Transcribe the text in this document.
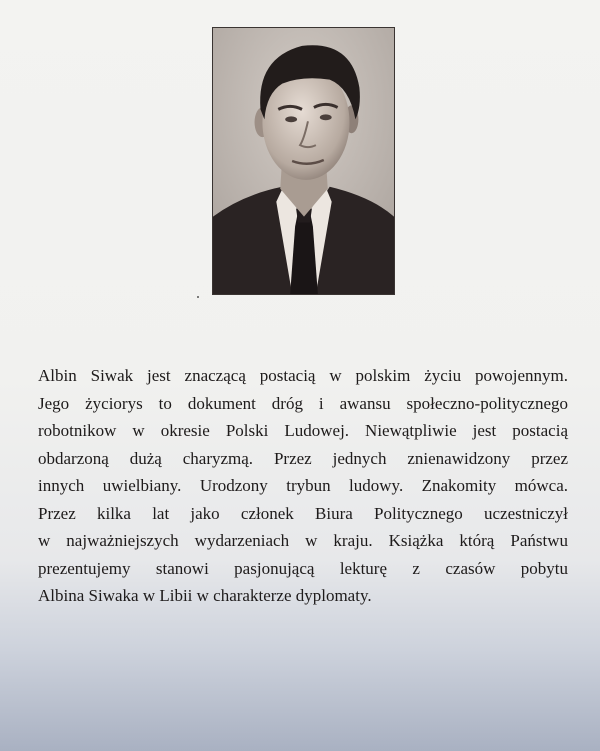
Albin Siwak jest znaczącą postacią w polskim życiu powojennym.
Jego życiorys to dokument dróg i awansu społeczno-politycznego
robotnikow w okresie Polski Ludowej. Niewątpliwie jest postacią
obdarzoną dużą charyzmą. Przez jednych znienawidzony przez
innych uwielbiany. Urodzony trybun ludowy. Znakomity mówca.
Przez kilka lat jako członek Biura Politycznego uczestniczył
w najważniejszych wydarzeniach w kraju. Książka którą Państwu
prezentujemy stanowi pasjonującą lekturę z czasów pobytu
Albina Siwaka w Libii w charakterze dyplomaty.
